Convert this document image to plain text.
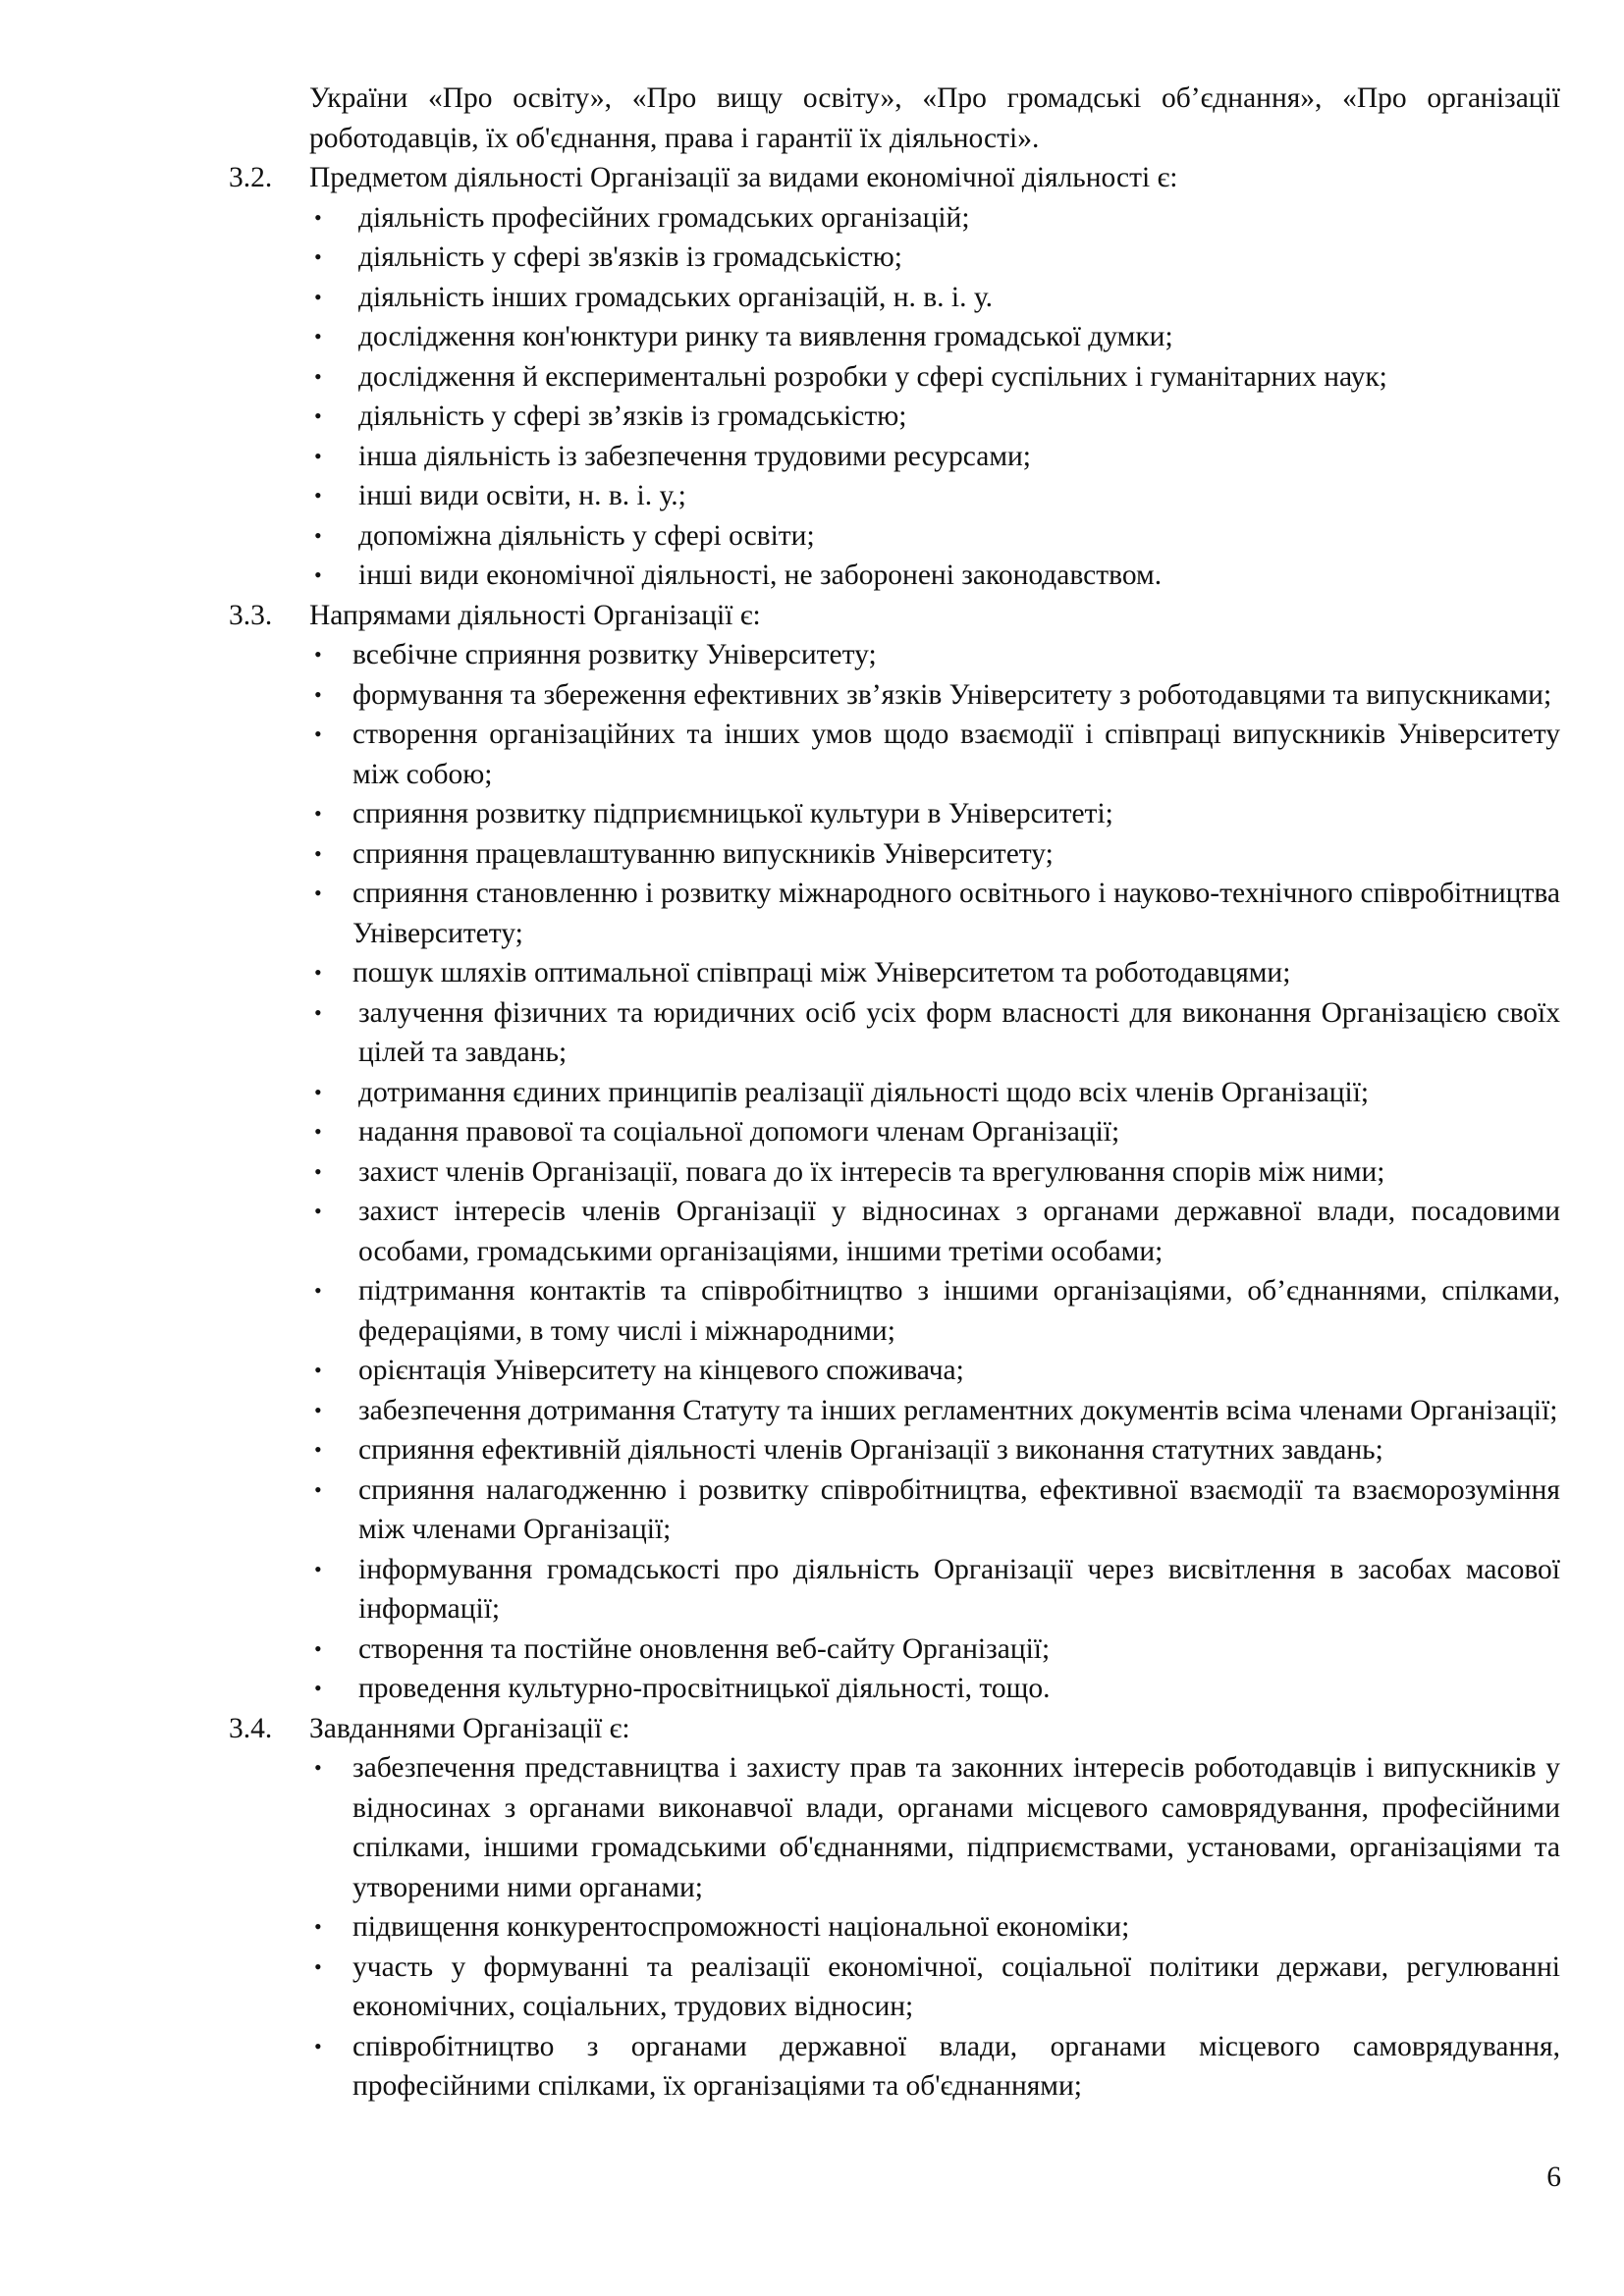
України «Про освіту», «Про вищу освіту», «Про громадські об’єднання», «Про організації роботодавців, їх об'єднання, права і гарантії їх діяльності».
3.2.	Предметом діяльності Організації за видами економічної діяльності є:
• діяльність професійних громадських організацій;
• діяльність у сфері зв'язків із громадськістю;
• діяльність інших громадських організацій, н. в. і. у.
• дослідження кон'юнктури ринку та виявлення громадської думки;
• дослідження й експериментальні розробки у сфері суспільних і гуманітарних наук;
• діяльність у сфері зв’язків із громадськістю;
• інша діяльність із забезпечення трудовими ресурсами;
• інші види освіти, н. в. і. у.;
• допоміжна діяльність у сфері освіти;
• інші види економічної діяльності, не заборонені законодавством.
3.3.	Напрямами діяльності Організації є:
• всебічне сприяння розвитку Університету;
• формування та збереження ефективних зв’язків Університету з роботодавцями та випускниками;
• створення організаційних та інших умов щодо взаємодії і співпраці випускників Університету між собою;
• сприяння розвитку підприємницької культури в Університеті;
• сприяння працевлаштуванню випускників Університету;
• сприяння становленню і розвитку міжнародного освітнього і науково-технічного співробітництва Університету;
• пошук шляхів оптимальної співпраці між Університетом та роботодавцями;
• залучення фізичних та юридичних осіб усіх форм власності для виконання Організацією своїх цілей та завдань;
• дотримання єдиних принципів реалізації діяльності щодо всіх членів Організації;
• надання правової та соціальної допомоги членам Організації;
• захист членів Організації, повага до їх інтересів та врегулювання спорів між ними;
• захист інтересів членів Організації у відносинах з органами державної влади, посадовими особами, громадськими організаціями, іншими третіми особами;
• підтримання контактів та співробітництво з іншими організаціями, об’єднаннями, спілками, федераціями, в тому числі і міжнародними;
• орієнтація Університету на кінцевого споживача;
• забезпечення дотримання Статуту та інших регламентних документів всіма членами Організації;
• сприяння ефективній діяльності членів Організації з виконання статутних завдань;
• сприяння налагодженню і розвитку співробітництва, ефективної взаємодії та взаєморозуміння між членами Організації;
• інформування громадськості про діяльність Організації через висвітлення в засобах масової інформації;
• створення та постійне оновлення веб-сайту Організації;
• проведення культурно-просвітницької діяльності, тощо.
3.4.	Завданнями Організації є:
• забезпечення представництва і захисту прав та законних інтересів роботодавців і випускників у відносинах з органами виконавчої влади, органами місцевого самоврядування, професійними спілками, іншими громадськими об'єднаннями, підприємствами, установами, організаціями та утвореними ними органами;
• підвищення конкурентоспроможності національної економіки;
• участь у формуванні та реалізації економічної, соціальної політики держави, регулюванні економічних, соціальних, трудових відносин;
• співробітництво з органами державної влади, органами місцевого самоврядування, професійними спілками, їх організаціями та об'єднаннями;
6
